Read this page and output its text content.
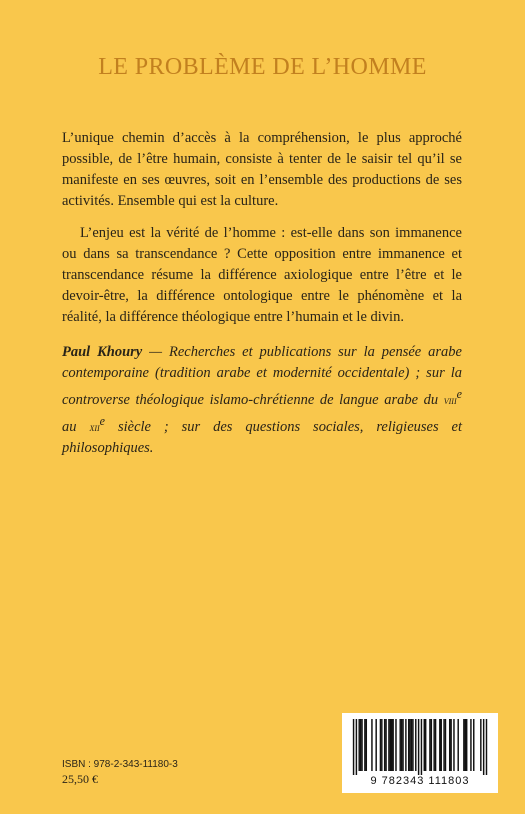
LE PROBLÈME DE L’HOMME

L’unique chemin d’accès à la compréhension, le plus approché possible, de l’être humain, consiste à tenter de le saisir tel qu’il se manifeste en ses œuvres, soit en l’ensemble des productions de ses activités. Ensemble qui est la culture.

L’enjeu est la vérité de l’homme : est-elle dans son immanence ou dans sa transcendance ? Cette opposition entre immanence et transcendance résume la différence axiologique entre l’être et le devoir-être, la différence ontologique entre le phénomène et la réalité, la différence théologique entre l’humain et le divin.

Paul Khoury — Recherches et publications sur la pensée arabe contemporaine (tradition arabe et modernité occidentale) ; sur la controverse théologique islamo-chrétienne de langue arabe du viii$^e$ au xii$^e$ siècle ; sur des questions sociales, religieuses et philosophiques.
ISBN : 978-2-343-11180-3
25,50 €	9 782343 111803
